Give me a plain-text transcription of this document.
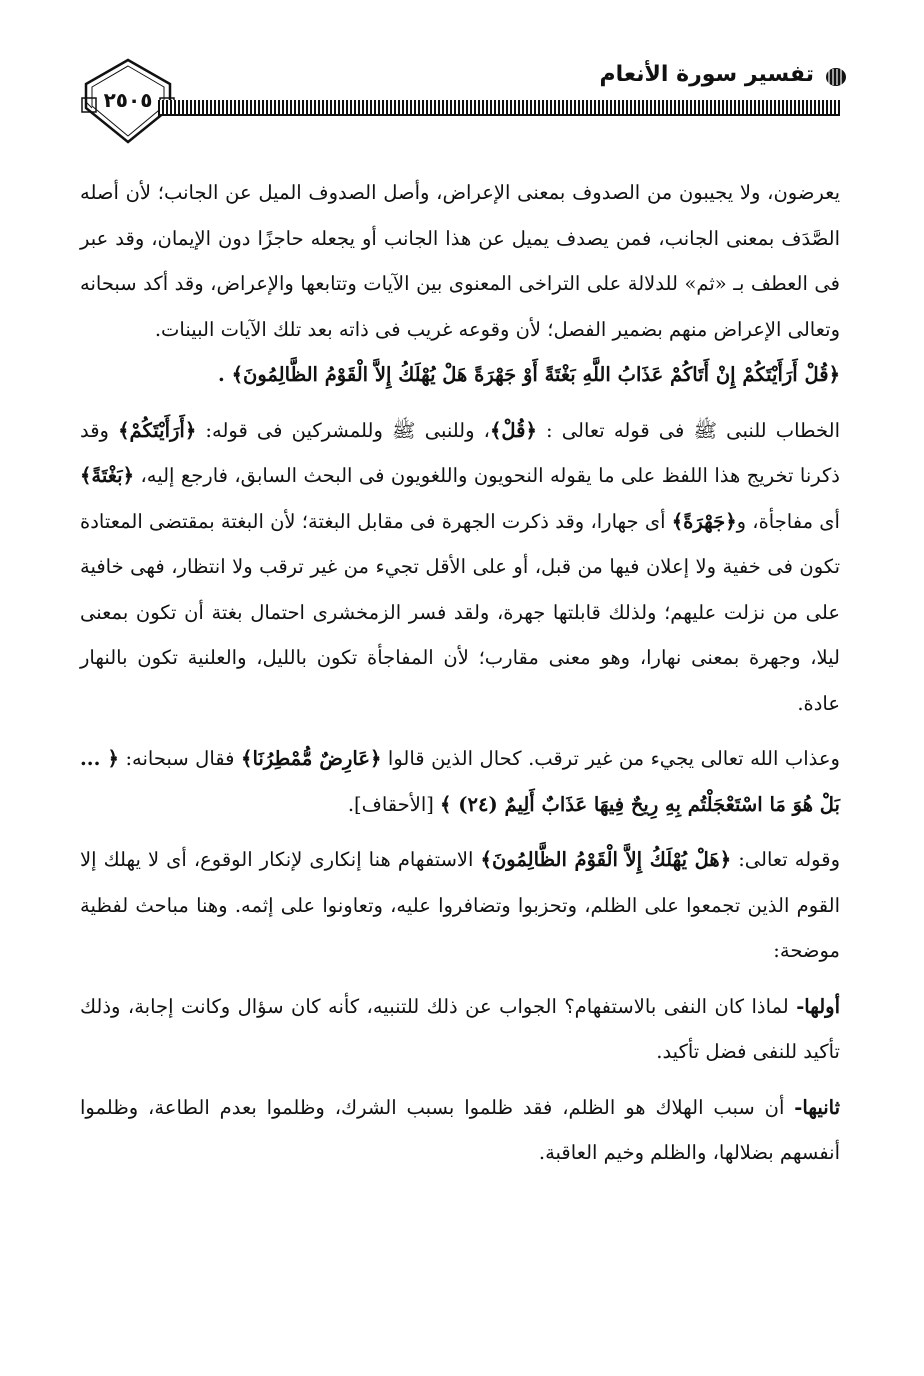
٢٥٠٥
تفسير سورة الأنعام

يعرضون، ولا يجيبون من الصدوف بمعنى الإعراض، وأصل الصدوف الميل عن الجانب؛ لأن أصله الصَّدَف بمعنى الجانب، فمن يصدف يميل عن هذا الجانب أو يجعله حاجزًا دون الإيمان، وقد عبر فى العطف بـ «ثم» للدلالة على التراخى المعنوى بين الآيات وتتابعها والإعراض، وقد أكد سبحانه وتعالى الإعراض منهم بضمير الفصل؛ لأن وقوعه غريب فى ذاته بعد تلك الآيات البينات.

﴿قُلْ أَرَأَيْتَكُمْ إِنْ أَتَاكُمْ عَذَابُ اللَّهِ بَغْتَةً أَوْ جَهْرَةً هَلْ يُهْلَكُ إِلاَّ الْقَوْمُ الظَّالِمُونَ﴾ .

الخطاب للنبى ﷺ فى قوله تعالى : ﴿قُلْ﴾، وللنبى ﷺ وللمشركين فى قوله: ﴿أَرَأَيْتَكُمْ﴾ وقد ذكرنا تخريج هذا اللفظ على ما يقوله النحويون واللغويون فى البحث السابق، فارجع إليه، ﴿بَغْتَةً﴾ أى مفاجأة، و﴿جَهْرَةً﴾ أى جهارا، وقد ذكرت الجهرة فى مقابل البغتة؛ لأن البغتة بمقتضى المعتادة تكون فى خفية ولا إعلان فيها من قبل، أو على الأقل تجيء من غير ترقب ولا انتظار، فهى خافية على من نزلت عليهم؛ ولذلك قابلتها جهرة، ولقد فسر الزمخشرى احتمال بغتة أن تكون بمعنى ليلا، وجهرة بمعنى نهارا، وهو معنى مقارب؛ لأن المفاجأة تكون بالليل، والعلنية تكون بالنهار عادة.

وعذاب الله تعالى يجيء من غير ترقب. كحال الذين قالوا ﴿عَارِضٌ مُّمْطِرُنَا﴾ فقال سبحانه: ﴿ ... بَلْ هُوَ مَا اسْتَعْجَلْتُم بِهِ رِيحٌ فِيهَا عَذَابٌ أَلِيمٌ (٢٤) ﴾ [الأحقاف].

وقوله تعالى: ﴿هَلْ يُهْلَكُ إِلاَّ الْقَوْمُ الظَّالِمُونَ﴾ الاستفهام هنا إنكارى لإنكار الوقوع، أى لا يهلك إلا القوم الذين تجمعوا على الظلم، وتحزبوا وتضافروا عليه، وتعاونوا على إثمه. وهنا مباحث لفظية موضحة:

أولها- لماذا كان النفى بالاستفهام؟ الجواب عن ذلك للتنبيه، كأنه كان سؤال وكانت إجابة، وذلك تأكيد للنفى فضل تأكيد.

ثانيها- أن سبب الهلاك هو الظلم، فقد ظلموا بسبب الشرك، وظلموا بعدم الطاعة، وظلموا أنفسهم بضلالها، والظلم وخيم العاقبة.
